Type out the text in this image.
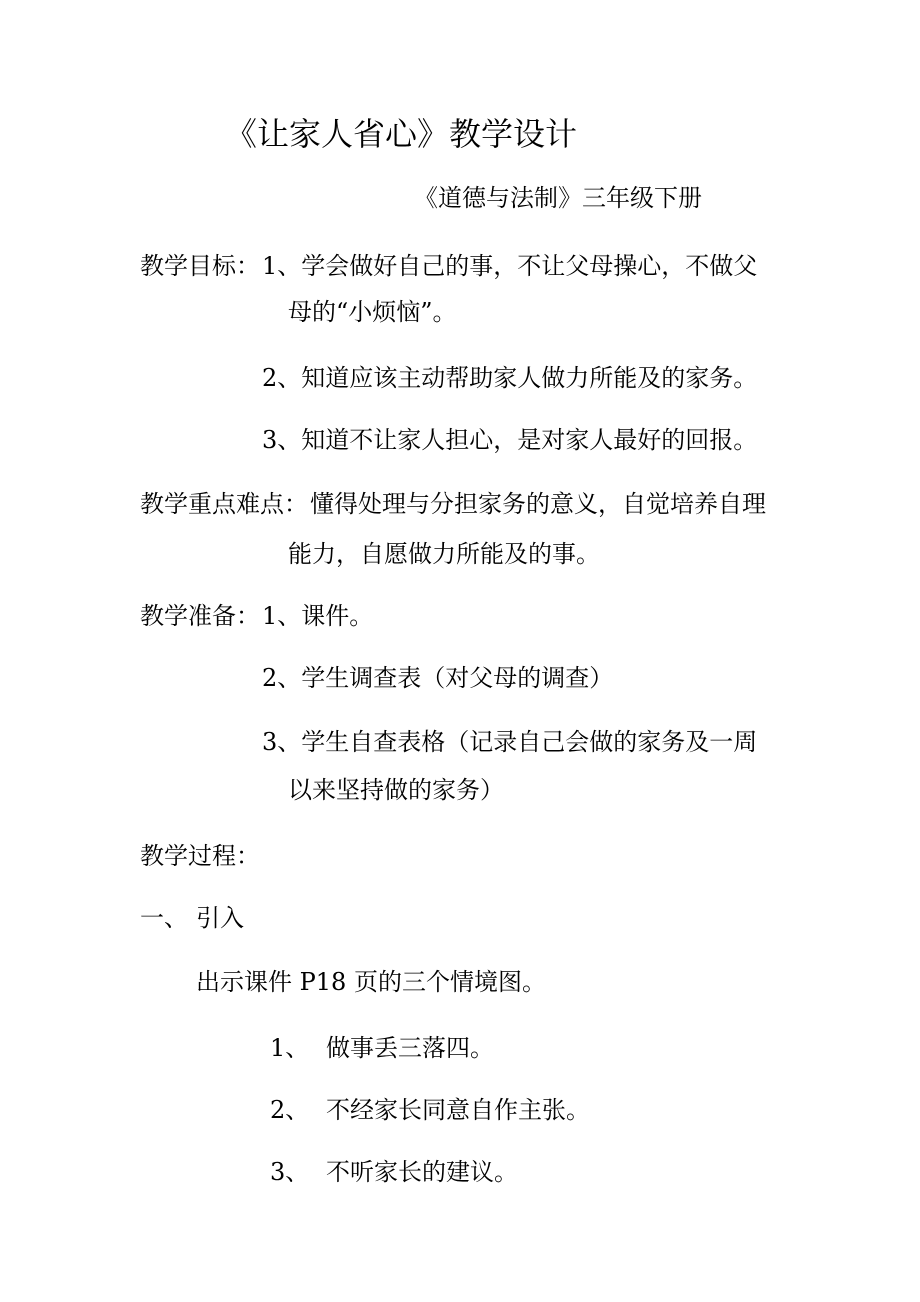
《让家人省心》教学设计
《道德与法制》三年级下册
教学目标： 1、学会做好自己的事，不让父母操心，不做父
母的“小烦恼”。
2、知道应该主动帮助家人做力所能及的家务。
3、知道不让家人担心，是对家人最好的回报。
教学重点难点： 懂得处理与分担家务的意义，自觉培养自理
能力，自愿做力所能及的事。
教学准备： 1、课件。
2、学生调查表（对父母的调查）
3、学生自查表格（记录自己会做的家务及一周
以来坚持做的家务）
教学过程：
一、 引入
出示课件 P18 页的三个情境图。
1、 做事丢三落四。
2、 不经家长同意自作主张。
3、 不听家长的建议。
